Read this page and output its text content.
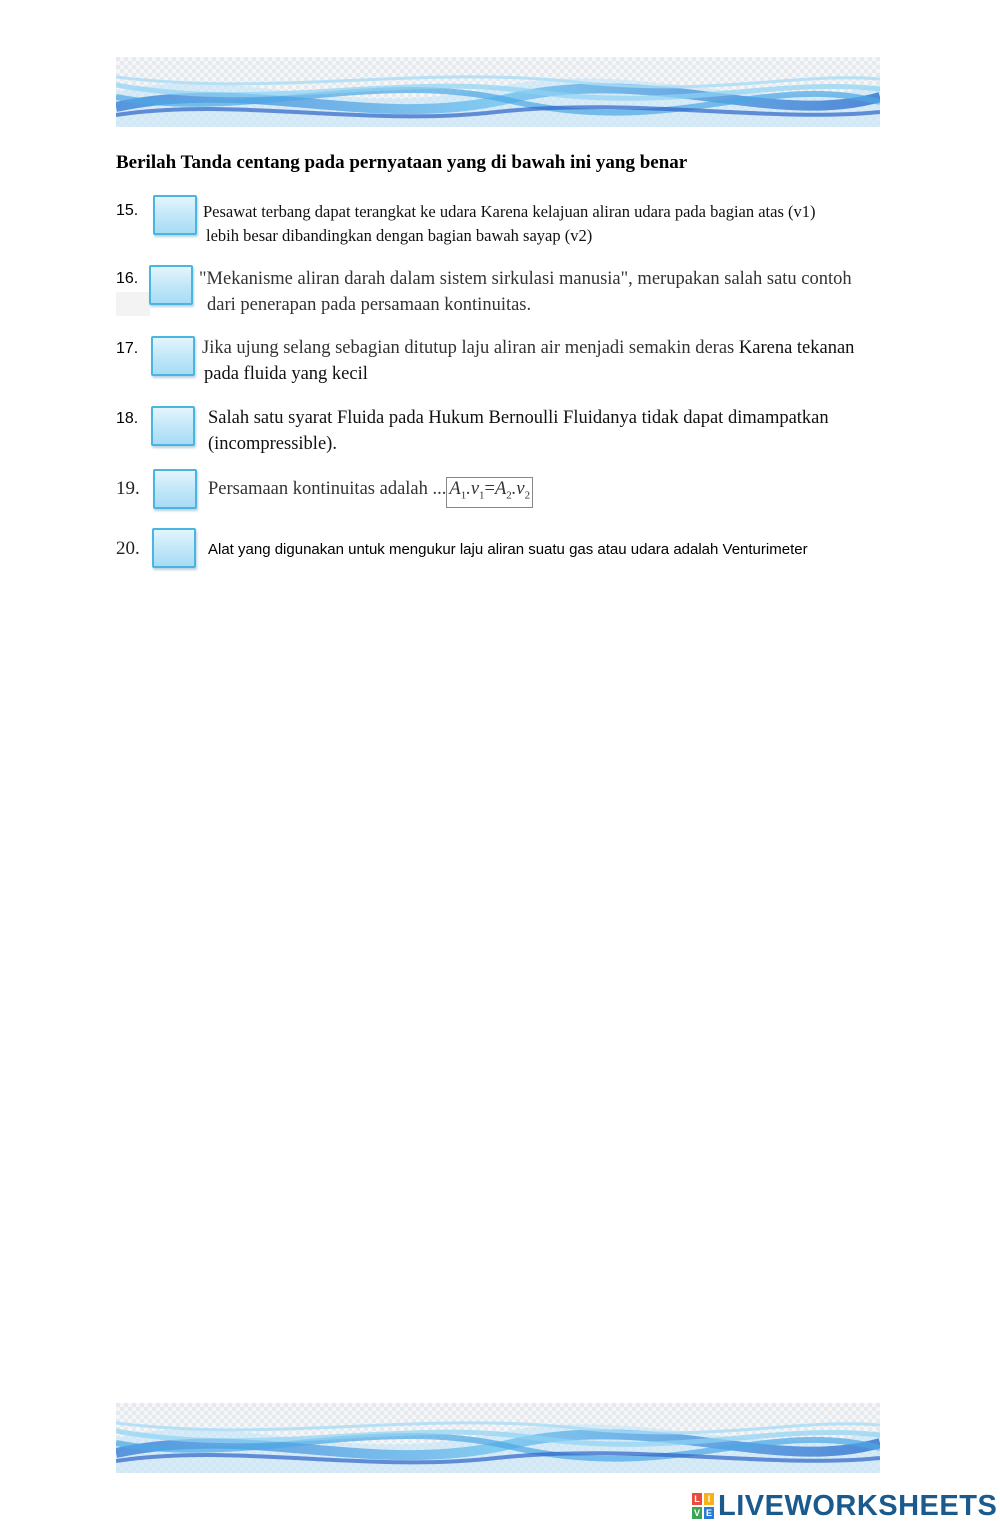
Berilah Tanda centang pada pernyataan yang di bawah ini yang benar
15.	Pesawat terbang dapat terangkat ke udara Karena kelajuan aliran udara pada bagian atas (v1)
lebih besar dibandingkan dengan bagian bawah sayap (v2)
16.	"Mekanisme aliran darah dalam sistem sirkulasi manusia", merupakan salah satu contoh
dari penerapan pada persamaan kontinuitas.
17.	Jika ujung selang sebagian ditutup laju aliran air menjadi semakin deras Karena tekanan
pada fluida yang kecil
18.	Salah satu syarat Fluida pada Hukum Bernoulli Fluidanya tidak dapat dimampatkan
(incompressible).
19.	Persamaan kontinuitas adalah ... $A_1.v_1=A_2.v_2$
20.	Alat yang digunakan untuk mengukur laju aliran suatu gas atau udara adalah Venturimeter
L I
V E LIVEWORKSHEETS
